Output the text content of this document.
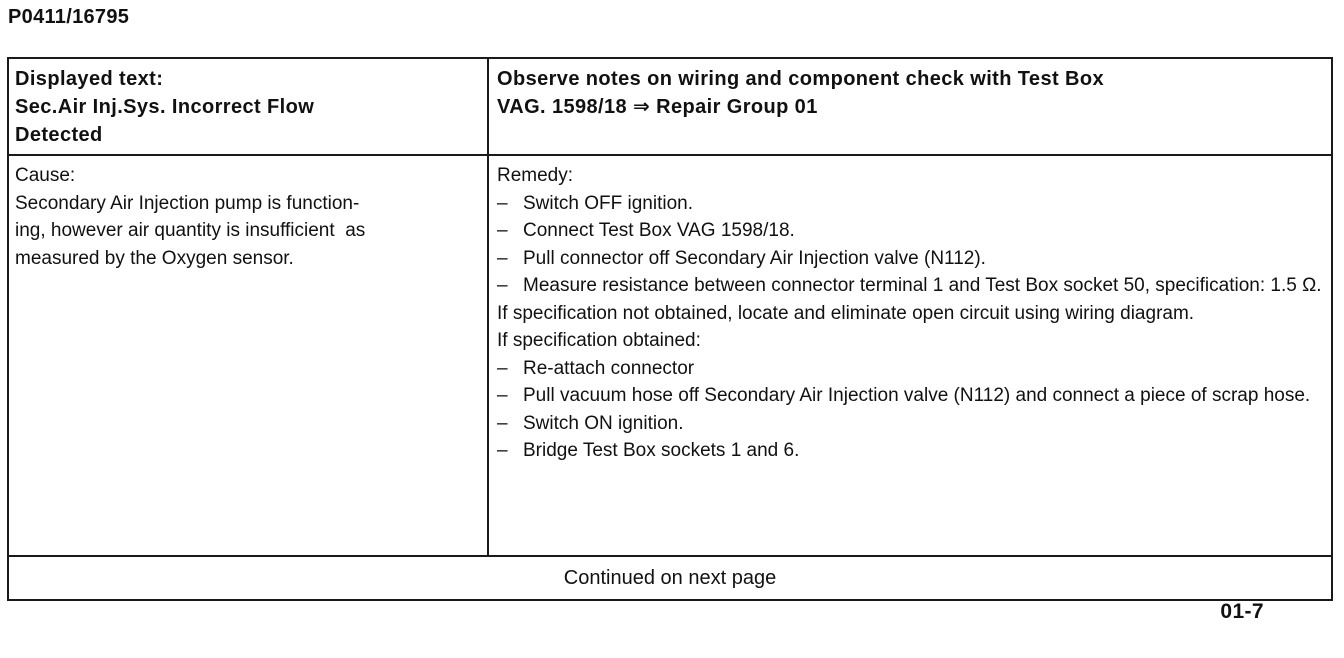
P0411/16795
Displayed text:
Sec.Air Inj.Sys. Incorrect Flow
Detected
Observe notes on wiring and component check with Test Box
VAG. 1598/18 ⇒ Repair Group 01
Cause:
Secondary Air Injection pump is function-
ing, however air quantity is insufficient  as
measured by the Oxygen sensor.
Remedy:
– Switch OFF ignition.
– Connect Test Box VAG 1598/18.
– Pull connector off Secondary Air Injection valve (N112).
– Measure resistance between connector terminal 1 and Test Box socket 50, specification: 1.5 Ω.
If specification not obtained, locate and eliminate open circuit using wiring diagram.
If specification obtained:
– Re-attach connector
– Pull vacuum hose off Secondary Air Injection valve (N112) and connect a piece of scrap hose.
– Switch ON ignition.
– Bridge Test Box sockets 1 and 6.
Continued on next page
01-7
